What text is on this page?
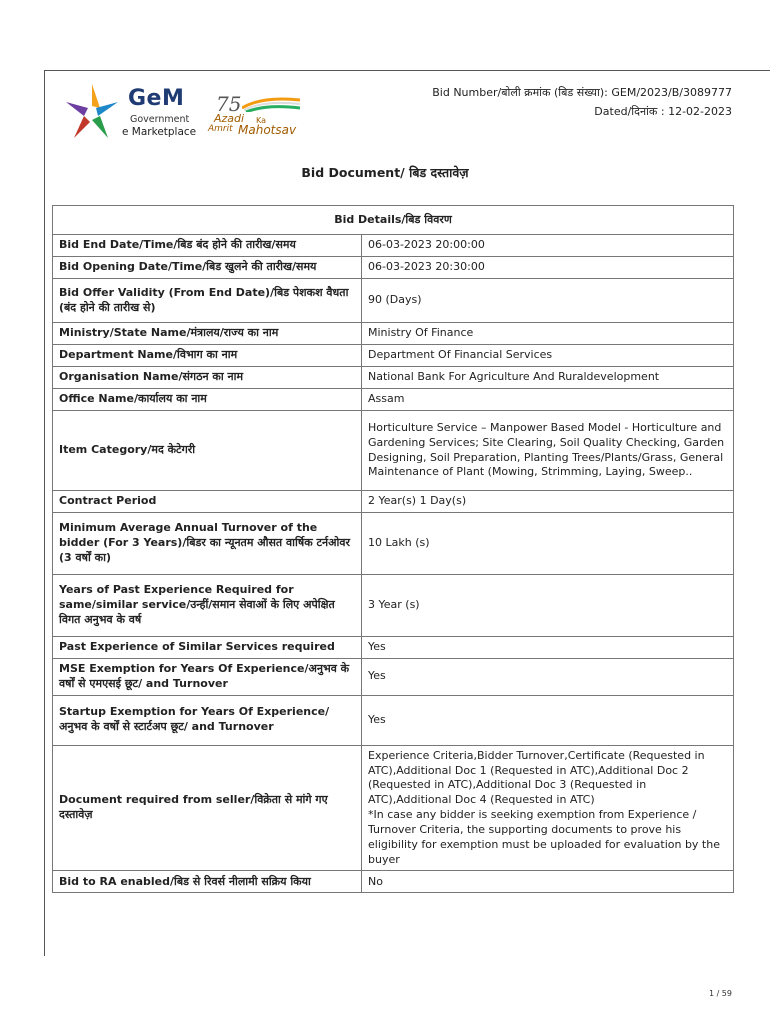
GeM
Government
e Marketplace
75
Azadi Ka
Amrit Mahotsav
Bid Number/बोली क्रमांक (बिड संख्या): GEM/2023/B/3089777
Dated/दिनांक : 12-02-2023
Bid Document/ बिड दस्तावेज़
Bid Details/बिड विवरण	
Bid End Date/Time/बिड बंद होने की तारीख/समय	06-03-2023 20:00:00
Bid Opening Date/Time/बिड खुलने की तारीख/समय	06-03-2023 20:30:00
Bid Offer Validity (From End Date)/बिड पेशकश वैधता (बंद होने की तारीख से)	90 (Days)
Ministry/State Name/मंत्रालय/राज्य का नाम	Ministry Of Finance
Department Name/विभाग का नाम	Department Of Financial Services
Organisation Name/संगठन का नाम	National Bank For Agriculture And Ruraldevelopment
Office Name/कार्यालय का नाम	Assam
Item Category/मद केटेगरी	Horticulture Service – Manpower Based Model - Horticulture and Gardening Services; Site Clearing, Soil Quality Checking, Garden Designing, Soil Preparation, Planting Trees/Plants/Grass, General Maintenance of Plant (Mowing, Strimming, Laying, Sweep..
Contract Period	2 Year(s) 1 Day(s)
Minimum Average Annual Turnover of the bidder (For 3 Years)/बिडर का न्यूनतम औसत वार्षिक टर्नओवर (3 वर्षों का)	10 Lakh (s)
Years of Past Experience Required for same/similar service/उन्हीं/समान सेवाओं के लिए अपेक्षित विगत अनुभव के वर्ष	3 Year (s)
Past Experience of Similar Services required	Yes
MSE Exemption for Years Of Experience/अनुभव के वर्षों से एमएसई छूट/ and Turnover	Yes
Startup Exemption for Years Of Experience/अनुभव के वर्षों से स्टार्टअप छूट/ and Turnover	Yes
Document required from seller/विक्रेता से मांगे गए दस्तावेज़	Experience Criteria,Bidder Turnover,Certificate (Requested in ATC),Additional Doc 1 (Requested in ATC),Additional Doc 2 (Requested in ATC),Additional Doc 3 (Requested in ATC),Additional Doc 4 (Requested in ATC)
*In case any bidder is seeking exemption from Experience / Turnover Criteria, the supporting documents to prove his eligibility for exemption must be uploaded for evaluation by the buyer
Bid to RA enabled/बिड से रिवर्स नीलामी सक्रिय किया	No
1 / 59
